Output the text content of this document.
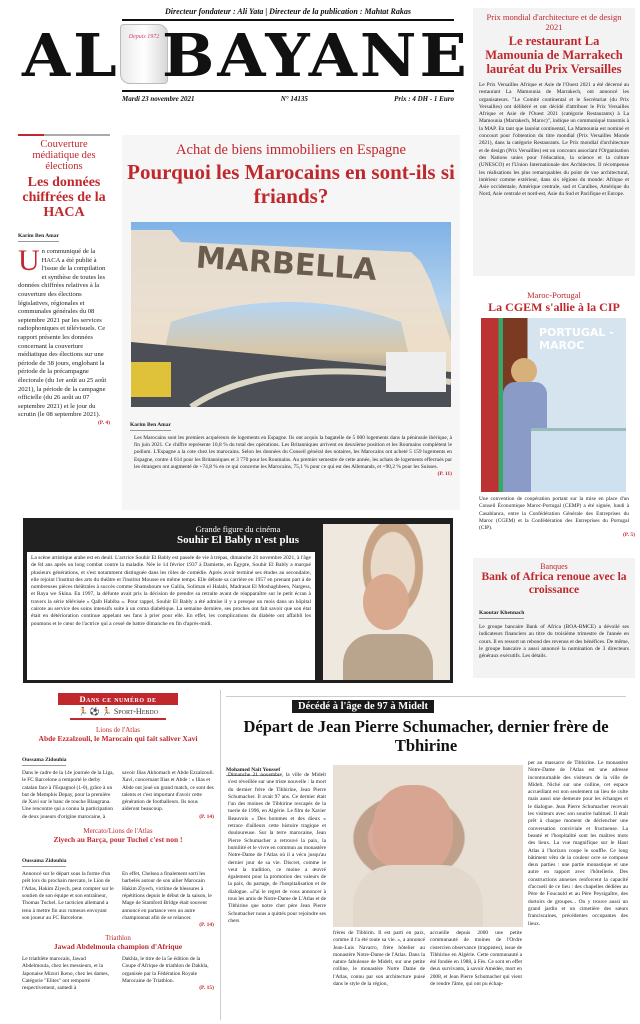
Directeur fondateur : Ali Yata | Directeur de la publication : Mahtat Rakas
AL	Depuis 1972 BAYANE
Mardi 23 novembre 2021	N° 14135	Prix : 4 DH - 1 Euro
Prix mondial d'architecture et de design 2021
Le restaurant La Mamounia de Marrakech lauréat du Prix Versailles
Le Prix Versailles Afrique et Asie de l'Ouest 2021 a été décerné au restaurant La Mamounia de Marrakech, ont annoncé les organisateurs. "Le Comité continental et le Secrétariat (du Prix Versailles) ont délibéré et ont décidé d'attribuer le Prix Versailles Afrique et Asie de l'Ouest 2021 (catégorie Restaurants) à La Mamounia (Marrakech, Maroc)", indique un communiqué transmis à la MAP. En tant que lauréat continental, La Mamounia est nominé et concourt pour l'obtention du titre mondial (Prix Versailles Monde 2021), dans la catégorie Restaurants. Le Prix mondial d'architecture et de design (Prix Versailles) est un concours associant l'Organisation des Nations unies pour l'éducation, la science et la culture (UNESCO) et l'Union Internationale des Architectes. Il récompense les réalisations les plus remarquables du point de vue architectural, intérieur comme extérieur, dans six régions du monde: Afrique et Asie occidentale, Amérique centrale, sud et Caraïbes, Amérique du Nord, Asie centrale et nord-est, Asie du Sud et Pacifique et Europe.
Couverture médiatique des élections
Les données chiffrées de la HACA
Karim Ben Amar
U n communiqué de la HACA a été publié à l'issue de la compilation et synthèse de toutes les données chiffrées relatives à la couverture des élections législatives, régionales et communales générales du 08 septembre 2021 par les services radiophoniques et télévisuels. Ce rapport présente les données concernant la couverture médiatique des élections sur une période de 38 jours, englobant la période de la précampagne électorale (du 1er août au 25 août 2021), la période de la campagne officielle (du 26 août au 07 septembre 2021) et le jour du scrutin (le 08 septembre 2021).
(P. 4)
Achat de biens immobiliers en Espagne
Pourquoi les Marocains en sont-ils si friands?
MARBELLA
Karim Ben Amar
Les Marocains sont les premiers acquéreurs de logements en Espagne. Ils ont acquis la bagatelle de 5 000 logements dans la péninsule ibérique, à fin juin 2021. Ce chiffre représente 10,8 % du total des opérations. Les Britanniques arrivent en deuxième position et les Roumains complètent le podium. L'Espagne a la cote chez les marocains. Selon les données du Conseil général des notaires, les Marocains ont acheté 5 159 logements en Espagne, contre 4 614 pour les Britanniques et 3 770 pour les Roumains. Au premier semestre de cette année, les achats de logements effectués par les étrangers ont augmenté de +74,8 % en ce qui concerne les Marocains, 75,1 % pour ce qui est des Allemands, et +90,2 % pour les Suisses.
(P. 11)
Maroc-Portugal
La CGEM s'allie à la CIP
PORTUGAL - MAROC
Une convention de coopération portant sur la mise en place d'un Conseil Économique Maroc-Portugal (CEMP) a été signée, lundi à Casablanca, entre la Confédération Générale des Entreprises du Maroc (CGEM) et la Confédération des Entreprises du Portugal (CIP).
(P. 5)
Grande figure du cinéma
Souhir El Bably n'est plus
La scène artistique arabe est en deuil. L'actrice Souhir El Bably est passée de vie à trépas, dimanche 21 novembre 2021, à l'âge de 84 ans après un long combat contre la maladie. Née le 14 février 1937 à Damiette, en Égypte, Souhir El Bably a marqué plusieurs générations, et s'est notamment distinguée dans les rôles de comédie. Après avoir terminé ses études au secondaire, elle rejoint l'institut des arts du théâtre et l'institut Mousse en même temps. Elle débute sa carrière en 1957 en prenant part à de nombreuses pièces théâtrales à succès comme Shamshoum we Galila, Soliman el Halabi, Madrasat El Moshaghbeen, Nargess, et Raya we Skina. En 1997, la défunte avait pris la décision de prendre sa retraite avant de réapparaître sur le petit écran à travers la série télévisée « Qalb Habiba ». Pour rappel, Souhir El Bably a été admise il y a presque un mois dans un hôpital cairote au service des soins intensifs suite à un coma diabétique. La semaine dernière, ses proches ont fait savoir que son état était en détérioration continue appelant ses fans à prier pour elle. En effet, les complications du diabète ont affaibli les poumons et le cœur de l'actrice qui a cessé de battre dimanche en fin d'après-midi.
Banques
Bank of Africa renoue avec la croissance
Kaoutar Khennach
Le groupe bancaire Bank of Africa (BOA-BMCE) a dévoilé ses indicateurs financiers au titre du troisième trimestre de l'année en cours. Il en ressort un rebond des revenus et des bénéfices. De même, le groupe bancaire a aussi annoncé la nomination de 3 directeurs généraux exécutifs. Les détails.
Dans ce numéro de
🏃 ⚽ 🏃 Sport-Hebdo
Lions de l'Atlas
Abde Ezzalzouli, le Marocain qui fait saliver Xavi
Oussama Zidouhia
Dans le cadre de la 14e journée de la Liga, le FC Barcelone a remporté le derby catalan face à l'Espagnol (1-0), grâce à un but de Memphis Depay, pour la première de Xavi sur le banc de touche Blaugrana. Une rencontre qui a connu la participation de deux joueurs d'origine marocaine, à
savoir Ilias Akhomach et Abde Ezzalzouli. Xavi, concernant Ilias et Abde : « Ilias et Abde ont joué un grand match, ce sont des talents et c'est important d'avoir cette génération de footballeurs. Ils nous aideront beaucoup.
(P. 14)
Mercato/Lions de l'Atlas
Ziyech au Barça, pour Tuchel c'est non !
Oussama Zidouhia
Annoncé sur le départ sous la forme d'un prêt lors du prochain mercato, le Lion de l'Atlas, Hakim Ziyech, peut compter sur le soutien de son équipe et son entraîneur, Thomas Tuchel. Le tacticien allemand a tenu à mettre fin aux rumeurs envoyant son joueur au FC Barcelone.
En effet, Chelsea a finalement sorti les barbelés autour de son ailier Marocain Hakim Ziyech, victime de blessures à répétitions depuis le début de la saison, le Mage de Stamford Bridge était souvent annoncé en partance vers un autre championnat afin de se relancer.
(P. 14)
Triathlon
Jawad Abdelmoula champion d'Afrique
Le triathlète marocain, Jawad Abdelmoula, chez les messieurs, et la Japonaise Mizuri Ikeno, chez les dames, Catégorie "Elites" ont remporté respectivement, samedi à
Dakhla, le titre de la 5e édition de la Coupe d'Afrique de triathlon de Dakhla, organisée par la Fédération Royale Marocaine de Triathlon.
(P. 15)
Décédé à l'âge de 97 à Midelt
Départ de Jean Pierre Schumacher, dernier frère de Tbhirine
Mohamed Nait Youssef
Dimanche 21 novembre, la ville de Midelt s'est réveillée sur une triste nouvelle : la mort du dernier frère de Tibhirine, Jean Pierre Schumacher. Il avait 97 ans. Ce dernier était l'un des moines de Tibhirine rescapés de la tuerie de 1996, en Algérie. Le film de Xavier Beauvois « Des hommes et des dieux » retrace d'ailleurs cette histoire tragique et douloureuse. Sur la terre marocaine, Jean Pierre Schumacher a retrouvé la paix, la humilité et le vivre en commun au monastère Notre-Dame de l'Atlas où il a vécu jusqu'au dernier jour de sa vie. Discret, comme le veut la tradition, ce moine a œuvré également pour la promotion des valeurs de la paix, du partage, de l'hospitalisation et de dialogue. «J'ai le regret de vous annoncer à tous les amis de Notre-Dame de L'Atlas et de Tibhirine que notre cher père Jean Pierre Schumacher nous a quittés pour rejoindre ses chers
frères de Tibhirin. Il est parti en paix, comme il l'a été toute sa vie. », a annoncé Jean-Luis Navarro, frère hôtelier au monastère Notre-Dame de l'Atlas. Dans la nature fabuleuse de Midelt, sur une petite colline, le monastère Notre Dame de l'Atlas, connu par son architecture puisé dans le style de la région,
accueille depuis 2000 une petite communauté de moines de l'Ordre cistercien observance (trappistes), issue de Tibhirine en Algérie. Cette communauté a été fondée en 1988, à Fès. Ce sont en effet deux survivants, à savoir Amédée, mort en 2008, et Jean Pierre Schumacher qui vient de rendre l'âme, qui ont pu échap-
per au massacre de Tibhirine. Le monastère Notre-Dame de l'Atlas est une adresse incontournable des visiteurs de la ville de Midelt. Niché sur une colline, cet espace accueillant est non seulement un lieu de culte mais aussi une demeure pour les échanges et le dialogue. Jean Pierre Schumacher recevait les visiteurs avec son sourire habituel. Il était prêt à chaque moment de déclencher une conversation conviviale et fructueuse. La beauté et l'hospitalité sont les maîtres mots des lieux. La vue magnifique sur le Haut Atlas à l'horizon coupe le souffle. Ce long bâtiment vêtu de la couleur ocre se compose deux parties : une partie monastique et une autre en rapport avec l'hôtellerie. Des constructions annexes renforcent la capacité d'accueil de ce lieu : des chapelles dédiées au Père de Foucauld et au Père Peysigaître, des dortoirs de groupes... On y trouve aussi un grand jardin et un cimetière des sœurs franciscaines, précédentes occupantes des lieux.
